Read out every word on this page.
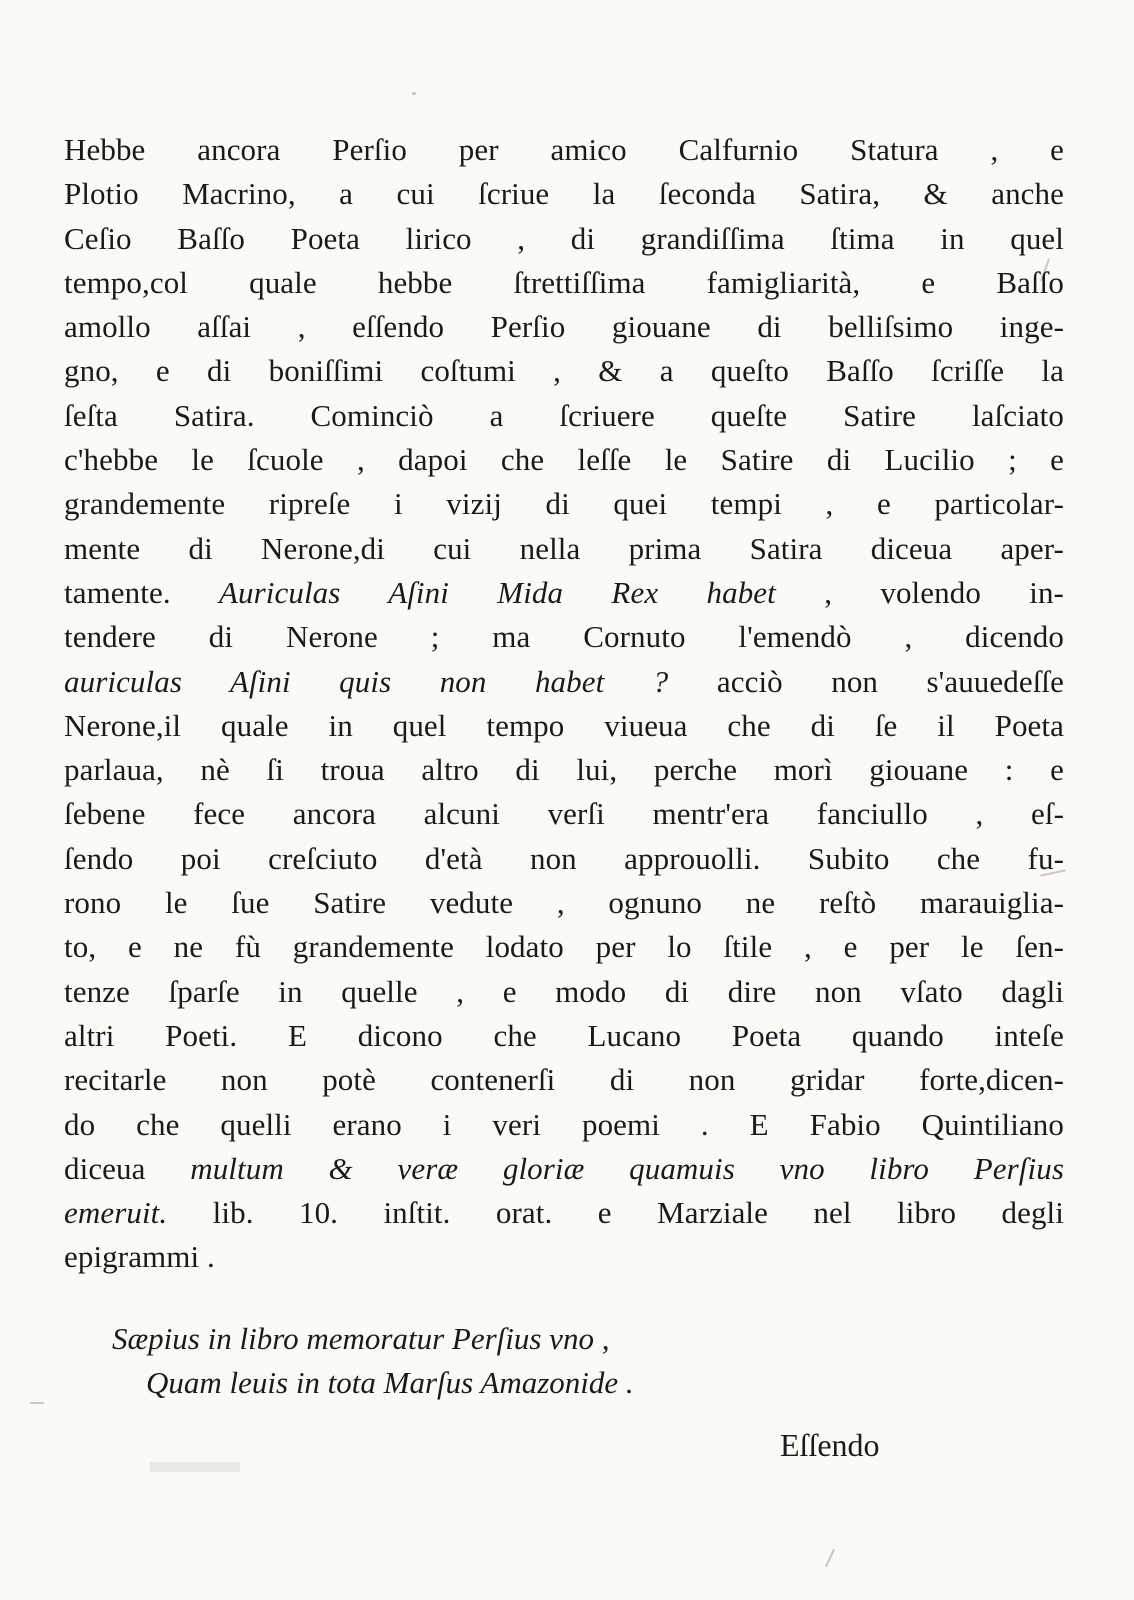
Hebbe ancora Perſio per amico Calfurnio Statura , e
Plotio Macrino, a cui ſcriue la ſeconda Satira, & anche
Ceſio Baſſo Poeta lirico , di grandiſſima ſtima in quel
tempo,col quale hebbe ſtrettiſſima famigliarità, e Baſſo
amollo aſſai , eſſendo Perſio giouane di belliſsimo inge-
gno, e di boniſſimi coſtumi , & a queſto Baſſo ſcriſſe la
ſeſta Satira. Cominciò a ſcriuere queſte Satire laſciato
c'hebbe le ſcuole , dapoi che leſſe le Satire di Lucilio ; e
grandemente ripreſe i vizij di quei tempi , e particolar-
mente di Nerone,di cui nella prima Satira diceua aper-
tamente. Auriculas Aſini Mida Rex habet , volendo in-
tendere di Nerone ; ma Cornuto l'emendò , dicendo
auriculas Aſini quis non habet ? acciò non s'auuedeſſe
Nerone,il quale in quel tempo viueua che di ſe il Poeta
parlaua, nè ſi troua altro di lui, perche morì giouane : e
ſebene fece ancora alcuni verſi mentr'era fanciullo , eſ-
ſendo poi creſciuto d'età non approuolli. Subito che fu-
rono le ſue Satire vedute , ognuno ne reſtò marauiglia-
to, e ne fù grandemente lodato per lo ſtile , e per le ſen-
tenze ſparſe in quelle , e modo di dire non vſato dagli
altri Poeti. E dicono che Lucano Poeta quando inteſe
recitarle non potè contenerſi di non gridar forte,dicen-
do che quelli erano i veri poemi . E Fabio Quintiliano
diceua multum & veræ gloriæ quamuis vno libro Perſius
emeruit. lib. 10. inſtit. orat. e Marziale nel libro degli
epigrammi .
Sæpius in libro memoratur Perſius vno ,
Quam leuis in tota Marſus Amazonide .
Eſſendo
